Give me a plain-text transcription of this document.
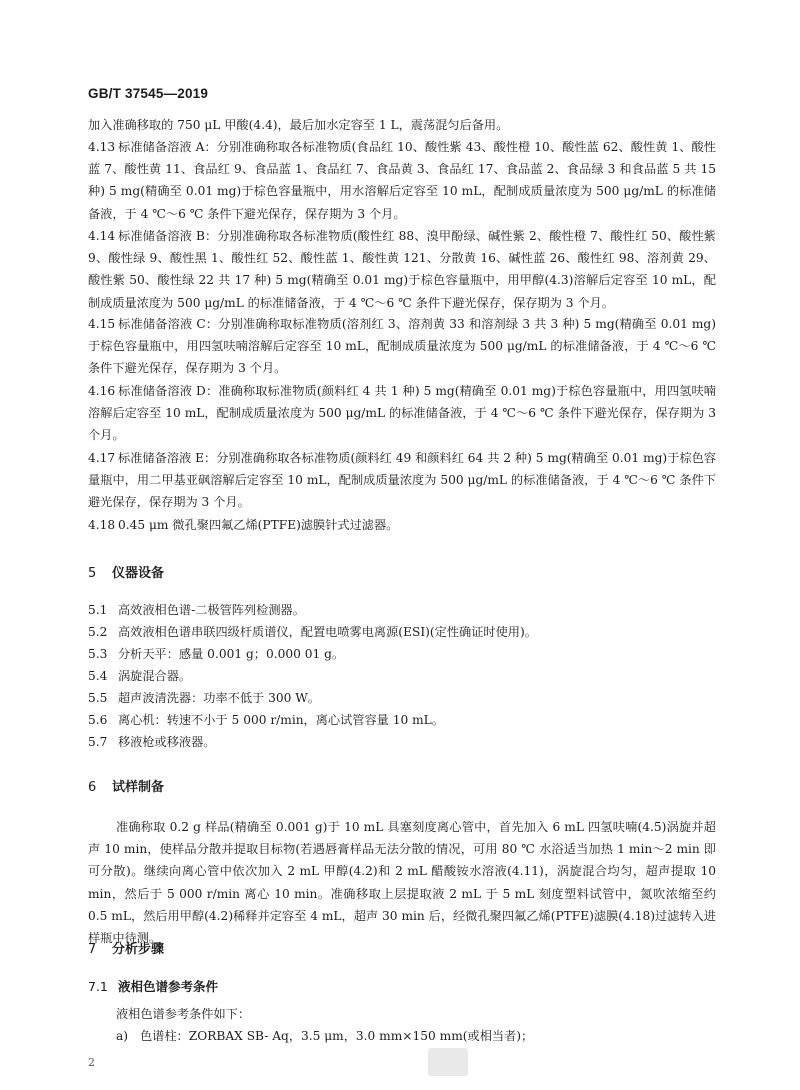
GB/T 37545—2019
加入准确移取的 750 μL 甲酸(4.4)，最后加水定容至 1 L，震荡混匀后备用。
4.13 标准储备溶液 A：分别准确称取各标准物质(食品红 10、酸性紫 43、酸性橙 10、酸性蓝 62、酸性黄 1、酸性蓝 7、酸性黄 11、食品红 9、食品蓝 1、食品红 7、食品黄 3、食品红 17、食品蓝 2、食品绿 3 和食品蓝 5 共 15 种) 5 mg(精确至 0.01 mg)于棕色容量瓶中，用水溶解后定容至 10 mL，配制成质量浓度为 500 μg/mL 的标准储备液，于 4 ℃～6 ℃ 条件下避光保存，保存期为 3 个月。
4.14 标准储备溶液 B：分别准确称取各标准物质(酸性红 88、溴甲酚绿、碱性紫 2、酸性橙 7、酸性红 50、酸性紫 9、酸性绿 9、酸性黑 1、酸性红 52、酸性蓝 1、酸性黄 121、分散黄 16、碱性蓝 26、酸性红 98、溶剂黄 29、酸性紫 50、酸性绿 22 共 17 种) 5 mg(精确至 0.01 mg)于棕色容量瓶中，用甲醇(4.3)溶解后定容至 10 mL，配制成质量浓度为 500 μg/mL 的标准储备液，于 4 ℃～6 ℃ 条件下避光保存，保存期为 3 个月。
4.15 标准储备溶液 C：分别准确称取标准物质(溶剂红 3、溶剂黄 33 和溶剂绿 3 共 3 种) 5 mg(精确至 0.01 mg)于棕色容量瓶中，用四氢呋喃溶解后定容至 10 mL，配制成质量浓度为 500 μg/mL 的标准储备液，于 4 ℃～6 ℃ 条件下避光保存，保存期为 3 个月。
4.16 标准储备溶液 D：准确称取标准物质(颜料红 4 共 1 种) 5 mg(精确至 0.01 mg)于棕色容量瓶中，用四氢呋喃溶解后定容至 10 mL，配制成质量浓度为 500 μg/mL 的标准储备液，于 4 ℃～6 ℃ 条件下避光保存，保存期为 3 个月。
4.17 标准储备溶液 E：分别准确称取各标准物质(颜料红 49 和颜料红 64 共 2 种) 5 mg(精确至 0.01 mg)于棕色容量瓶中，用二甲基亚砜溶解后定容至 10 mL，配制成质量浓度为 500 μg/mL 的标准储备液，于 4 ℃～6 ℃ 条件下避光保存，保存期为 3 个月。
4.18 0.45 μm 微孔聚四氟乙烯(PTFE)滤膜针式过滤器。
5 仪器设备
5.1 高效液相色谱-二极管阵列检测器。
5.2 高效液相色谱串联四级杆质谱仪，配置电喷雾电离源(ESI)(定性确证时使用)。
5.3 分析天平：感量 0.001 g；0.000 01 g。
5.4 涡旋混合器。
5.5 超声波清洗器：功率不低于 300 W。
5.6 离心机：转速不小于 5 000 r/min，离心试管容量 10 mL。
5.7 移液枪或移液器。
6 试样制备
准确称取 0.2 g 样品(精确至 0.001 g)于 10 mL 具塞刻度离心管中，首先加入 6 mL 四氢呋喃(4.5)涡旋并超声 10 min，使样品分散并提取目标物(若遇唇膏样品无法分散的情况，可用 80 ℃ 水浴适当加热 1 min～2 min 即可分散)。继续向离心管中依次加入 2 mL 甲醇(4.2)和 2 mL 醋酸铵水溶液(4.11)，涡旋混合均匀，超声提取 10 min，然后于 5 000 r/min 离心 10 min。准确移取上层提取液 2 mL 于 5 mL 刻度塑料试管中，氮吹浓缩至约 0.5 mL，然后用甲醇(4.2)稀释并定容至 4 mL，超声 30 min 后，经微孔聚四氟乙烯(PTFE)滤膜(4.18)过滤转入进样瓶中待测。
7 分析步骤
7.1 液相色谱参考条件
液相色谱参考条件如下：
a) 色谱柱：ZORBAX SB- Aq，3.5 μm，3.0 mm×150 mm(或相当者)；
2
